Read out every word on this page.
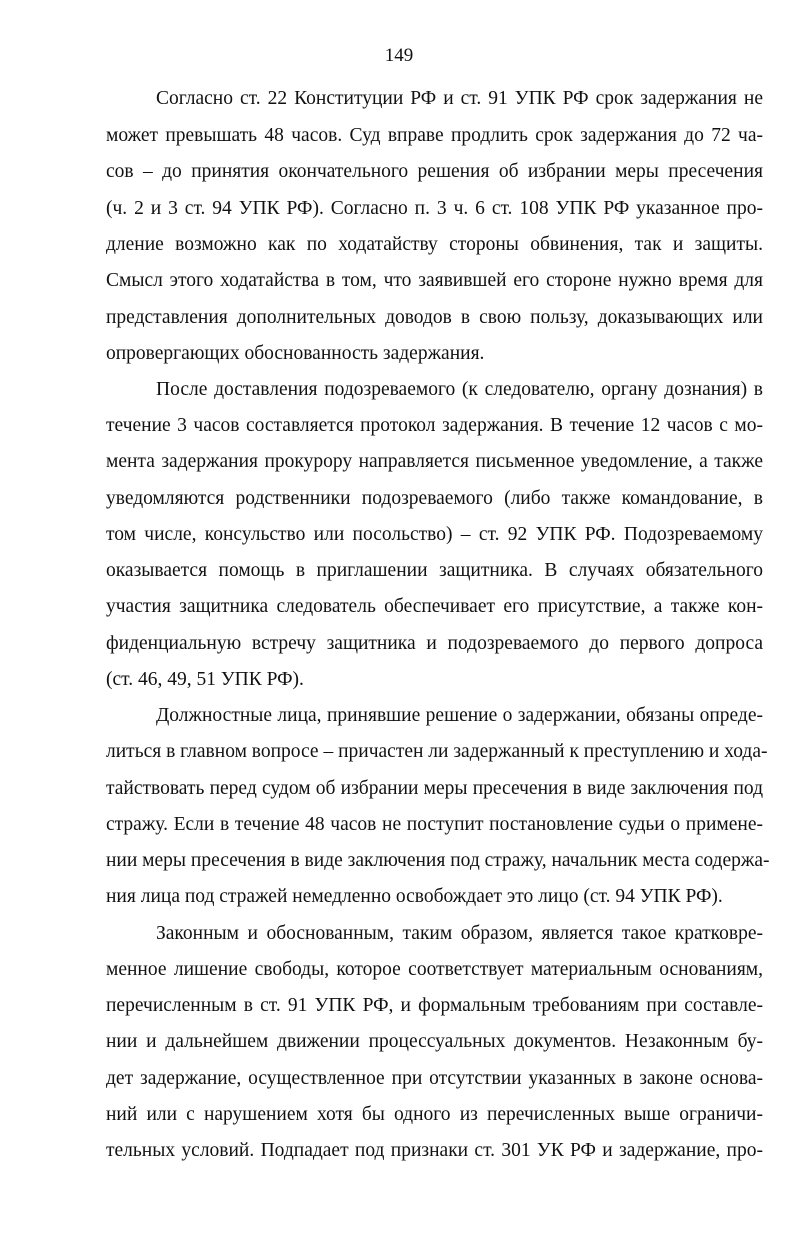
149
Согласно ст. 22 Конституции РФ и ст. 91 УПК РФ срок задержания не
может превышать 48 часов. Суд вправе продлить срок задержания до 72 ча-
сов – до принятия окончательного решения об избрании меры пресечения
(ч. 2 и 3 ст. 94 УПК РФ). Согласно п. 3 ч. 6 ст. 108 УПК РФ указанное про-
дление возможно как по ходатайству стороны обвинения, так и защиты.
Смысл этого ходатайства в том, что заявившей его стороне нужно время для
представления дополнительных доводов в свою пользу, доказывающих или
опровергающих обоснованность задержания.
После доставления подозреваемого (к следователю, органу дознания) в
течение 3 часов составляется протокол задержания. В течение 12 часов с мо-
мента задержания прокурору направляется письменное уведомление, а также
уведомляются родственники подозреваемого (либо также командование, в
том числе, консульство или посольство) – ст. 92 УПК РФ. Подозреваемому
оказывается помощь в приглашении защитника. В случаях обязательного
участия защитника следователь обеспечивает его присутствие, а также кон-
фиденциальную встречу защитника и подозреваемого до первого допроса
(ст. 46, 49, 51 УПК РФ).
Должностные лица, принявшие решение о задержании, обязаны опреде-
литься в главном вопросе – причастен ли задержанный к преступлению и хода-
тайствовать перед судом об избрании меры пресечения в виде заключения под
стражу. Если в течение 48 часов не поступит постановление судьи о примене-
нии меры пресечения в виде заключения под стражу, начальник места содержа-
ния лица под стражей немедленно освобождает это лицо (ст. 94 УПК РФ).
Законным и обоснованным, таким образом, является такое кратковре-
менное лишение свободы, которое соответствует материальным основаниям,
перечисленным в ст. 91 УПК РФ, и формальным требованиям при составле-
нии и дальнейшем движении процессуальных документов. Незаконным бу-
дет задержание, осуществленное при отсутствии указанных в законе основа-
ний или с нарушением хотя бы одного из перечисленных выше ограничи-
тельных условий. Подпадает под признаки ст. 301 УК РФ и задержание, про-
